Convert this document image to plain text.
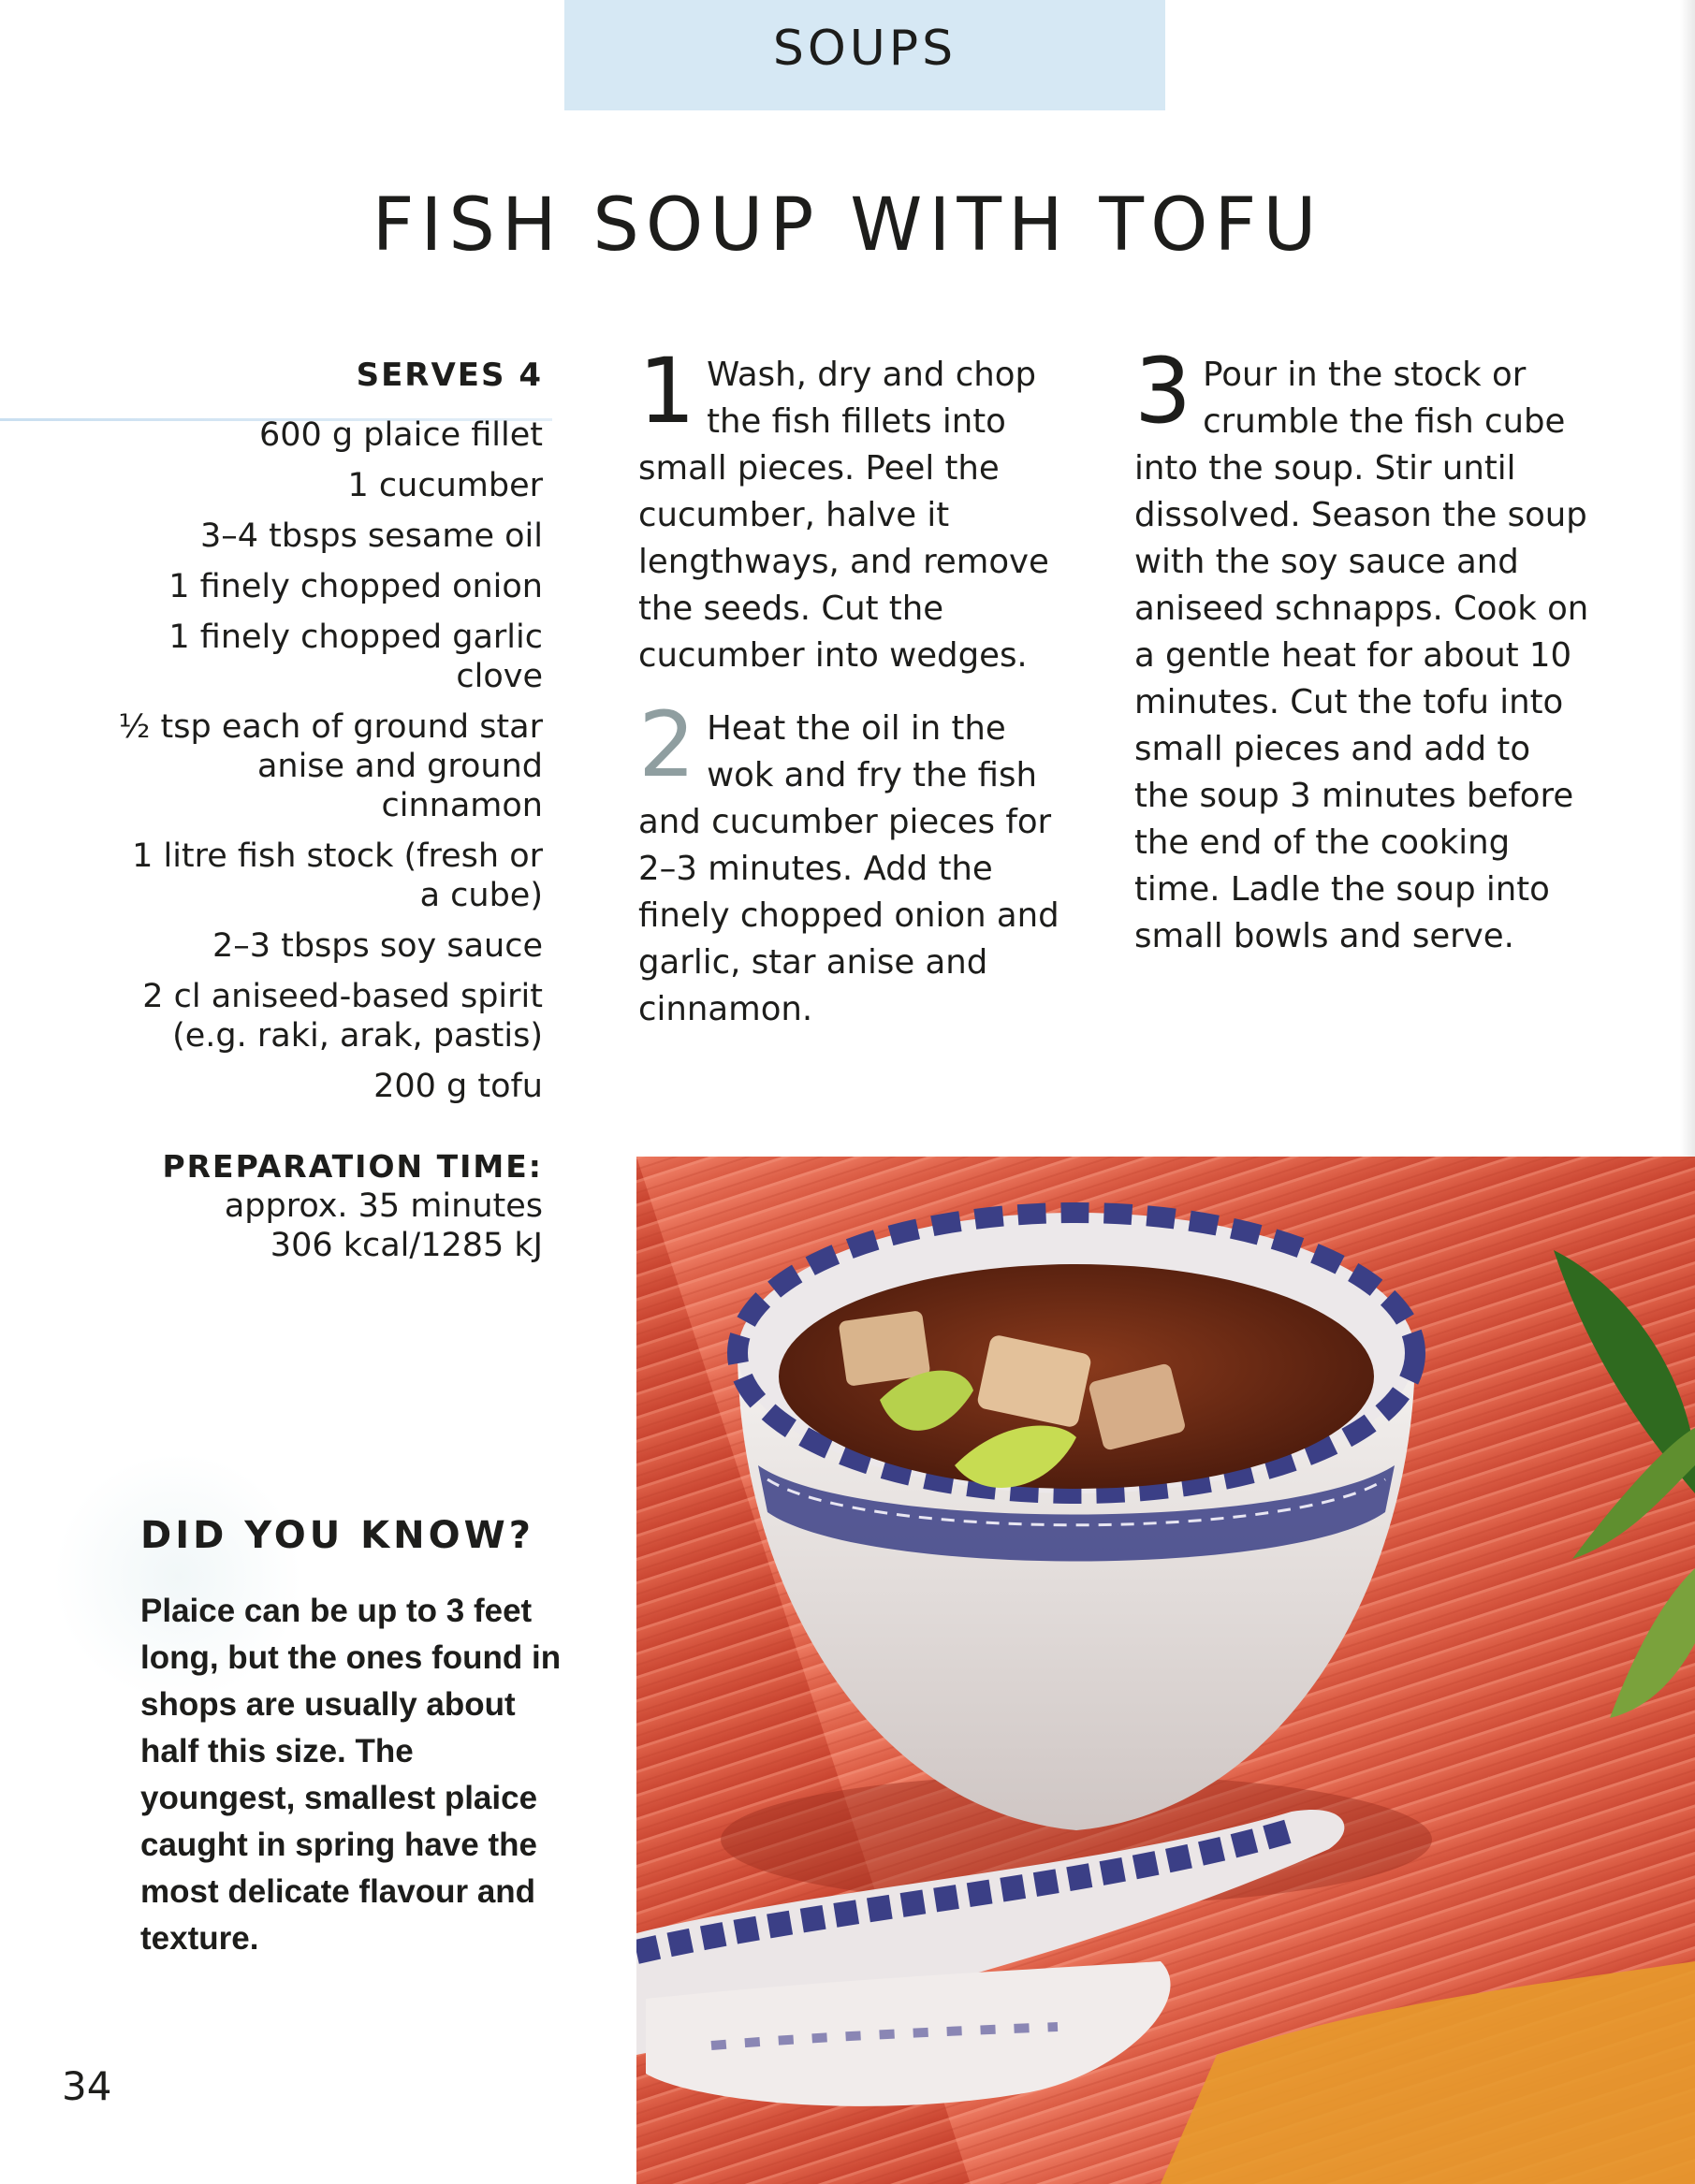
SOUPS
FISH SOUP WITH TOFU
SERVES 4
600 g plaice fillet
1 cucumber
3–4 tbsps sesame oil
1 finely chopped onion
1 finely chopped garlic clove
½ tsp each of ground star anise and ground cinnamon
1 litre fish stock (fresh or a cube)
2–3 tbsps soy sauce
2 cl aniseed-based spirit (e.g. raki, arak, pastis)
200 g tofu
PREPARATION TIME:

approx. 35 minutes

306 kcal/1285 kJ

1 Wash, dry and chop the fish fillets into small pieces. Peel the cucumber, halve it lengthways, and remove the seeds. Cut the cucumber into wedges.

2 Heat the oil in the wok and fry the fish and cucumber pieces for 2–3 minutes. Add the finely chopped onion and garlic, star anise and cinnamon.

3 Pour in the stock or crumble the fish cube into the soup. Stir until dissolved. Season the soup with the soy sauce and aniseed schnapps. Cook on a gentle heat for about 10 minutes. Cut the tofu into small pieces and add to the soup 3 minutes before the end of the cooking time. Ladle the soup into small bowls and serve.

DID YOU KNOW?

Plaice can be up to 3 feet long, but the ones found in shops are usually about half this size. The youngest, smallest plaice caught in spring have the most delicate flavour and texture.

34
